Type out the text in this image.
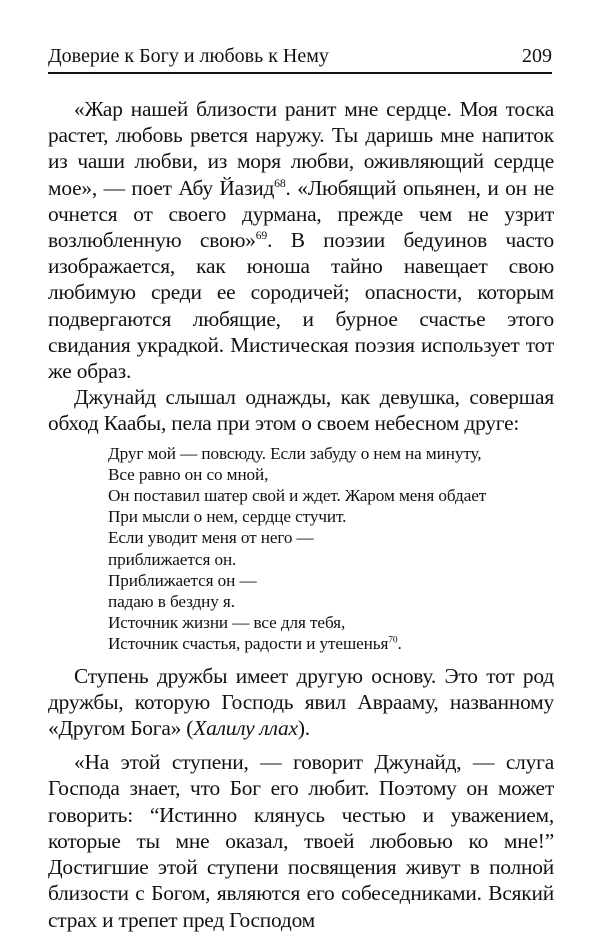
Доверие к Богу и любовь к Нему	209

«Жар нашей близости ранит мне сердце. Моя тоска растет, любовь рвется наружу. Ты даришь мне напиток из чаши любви, из моря любви, оживляющий сердце мое», — поет Абу Йазид$^{68}$. «Любящий опьянен, и он не очнется от своего дурмана, прежде чем не узрит возлюбленную свою»$^{69}$. В поэзии бедуинов часто изображается, как юноша тайно навещает свою любимую среди ее сородичей; опасности, которым подвергаются любящие, и бурное счастье этого свидания украдкой. Мистическая поэзия использует тот же образ.

Джунайд слышал однажды, как девушка, совершая обход Каабы, пела при этом о своем небесном друге:

Друг мой — повсюду. Если забуду о нем на минуту,
Все равно он со мной,
Он поставил шатер свой и ждет. Жаром меня обдает
При мысли о нем, сердце стучит.
Если уводит меня от него —
приближается он.
Приближается он —
падаю в бездну я.
Источник жизни — все для тебя,
Источник счастья, радости и утешенья$^{70}$.

Ступень дружбы имеет другую основу. Это тот род дружбы, которую Господь явил Аврааму, названному «Другом Бога» (Халилу ллах).

«На этой ступени, — говорит Джунайд, — слуга Господа знает, что Бог его любит. Поэтому он может говорить: “Истинно клянусь честью и уважением, которые ты мне оказал, твоей любовью ко мне!” Достигшие этой ступени посвящения живут в полной близости с Богом, являются его собеседниками. Всякий страх и трепет пред Господом
